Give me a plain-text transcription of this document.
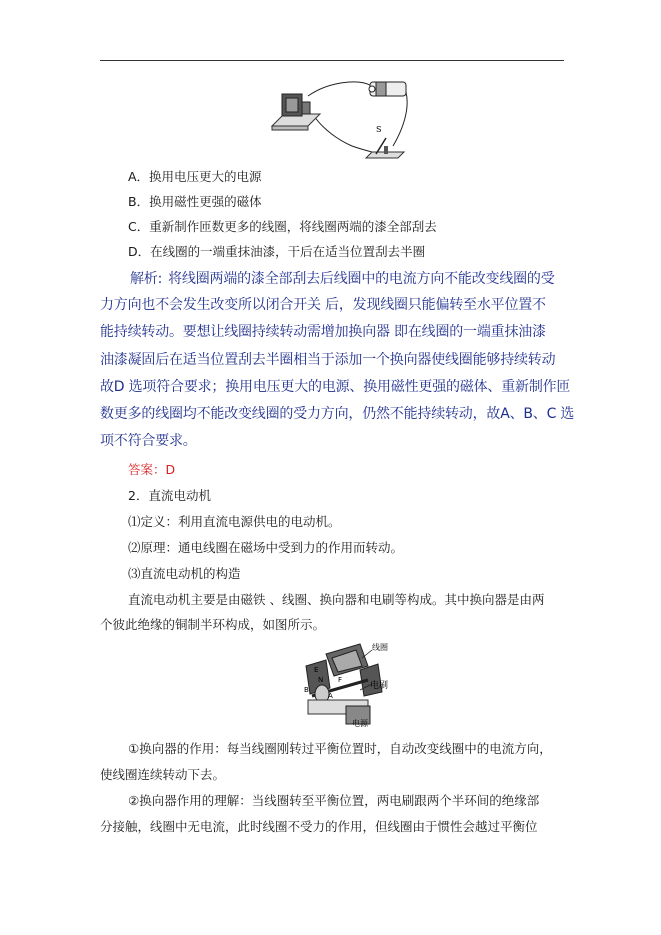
S
A．换用电压更大的电源
B．换用磁性更强的磁体
C．重新制作匝数更多的线圈，将线圈两端的漆全部刮去
D．在线圈的一端重抹油漆，干后在适当位置刮去半圈
解析: 将线圈两端的漆全部刮去后线圈中的电流方向不能改变线圈的受
力方向也不会发生改变所以闭合开关 后，发现线圈只能偏转至水平位置不
能持续转动。要想让线圈持续转动需增加换向器 即在线圈的一端重抹油漆
油漆凝固后在适当位置刮去半圈相当于添加一个换向器使线圈能够持续转动
故D 选项符合要求；换用电压更大的电源、换用磁性更强的磁体、重新制作匝
数更多的线圈均不能改变线圈的受力方向，仍然不能持续转动，故A、B、C 选
项不符合要求。
答案：D
2．直流电动机
⑴定义：利用直流电源供电的电动机。
⑵原理：通电线圈在磁场中受到力的作用而转动。
⑶直流电动机的构造
直流电动机主要是由磁铁 、线圈、换向器和电刷等构成。其中换向器是由两
个彼此绝缘的铜制半环构成，如图所示。
线圈
电刷
电源
E
F
B
A
N
①换向器的作用：每当线圈刚转过平衡位置时，自动改变线圈中的电流方向，
使线圈连续转动下去。
②换向器作用的理解：当线圈转至平衡位置，两电刷跟两个半环间的绝缘部
分接触，线圈中无电流，此时线圈不受力的作用，但线圈由于惯性会越过平衡位
